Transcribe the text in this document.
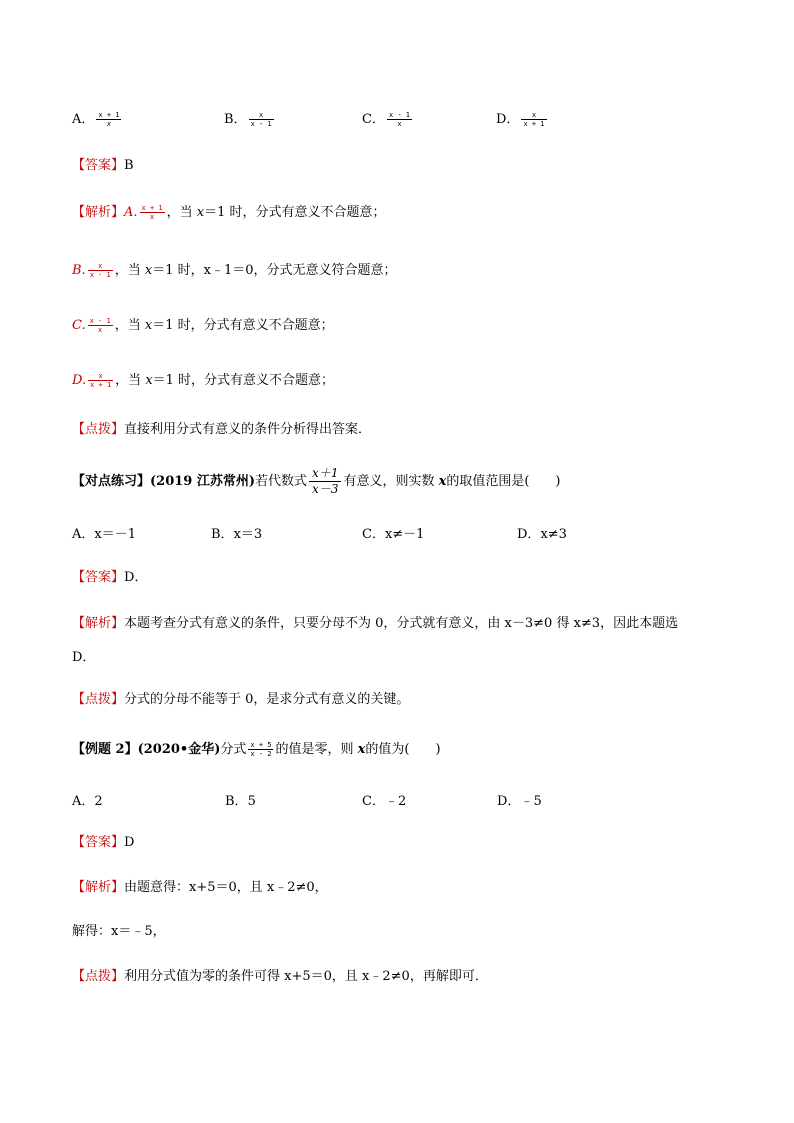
A． $\frac{x + 1}{x}$	B． $\frac{x}{x - 1}$	C． $\frac{x - 1}{x}$	D． $\frac{x}{x + 1}$
【答案】B
【解析】A. $\frac{x + 1}{x}$ ，当 x＝1 时，分式有意义不合题意；
B. $\frac{x}{x - 1}$ ，当 x＝1 时，x﹣1＝0，分式无意义符合题意；
C. $\frac{x - 1}{x}$ ，当 x＝1 时，分式有意义不合题意；
D. $\frac{x}{x + 1}$ ，当 x＝1 时，分式有意义不合题意；
【点拨】直接利用分式有意义的条件分析得出答案．
【对点练习】(2019 江苏常州)若代数式 $\frac{x+1}{x-3}$ 有意义，则实数 x的取值范围是(　　)
A．x＝－1	B．x＝3	C．x≠－1	D．x≠3
【答案】D．
【解析】本题考查分式有意义的条件，只要分母不为 0，分式就有意义，由 x－3≠0 得 x≠3，因此本题选
D．
【点拨】分式的分母不能等于 0，是求分式有意义的关键。
【例题 2】(2020•金华)分式 $\frac{x + 5}{x - 2}$ 的值是零，则 x的值为(　　)
A．2	B．5	C．﹣2	D．﹣5
【答案】D
【解析】由题意得：x+5＝0，且 x﹣2≠0，
解得：x＝﹣5，
【点拨】利用分式值为零的条件可得 x+5＝0，且 x﹣2≠0，再解即可．
